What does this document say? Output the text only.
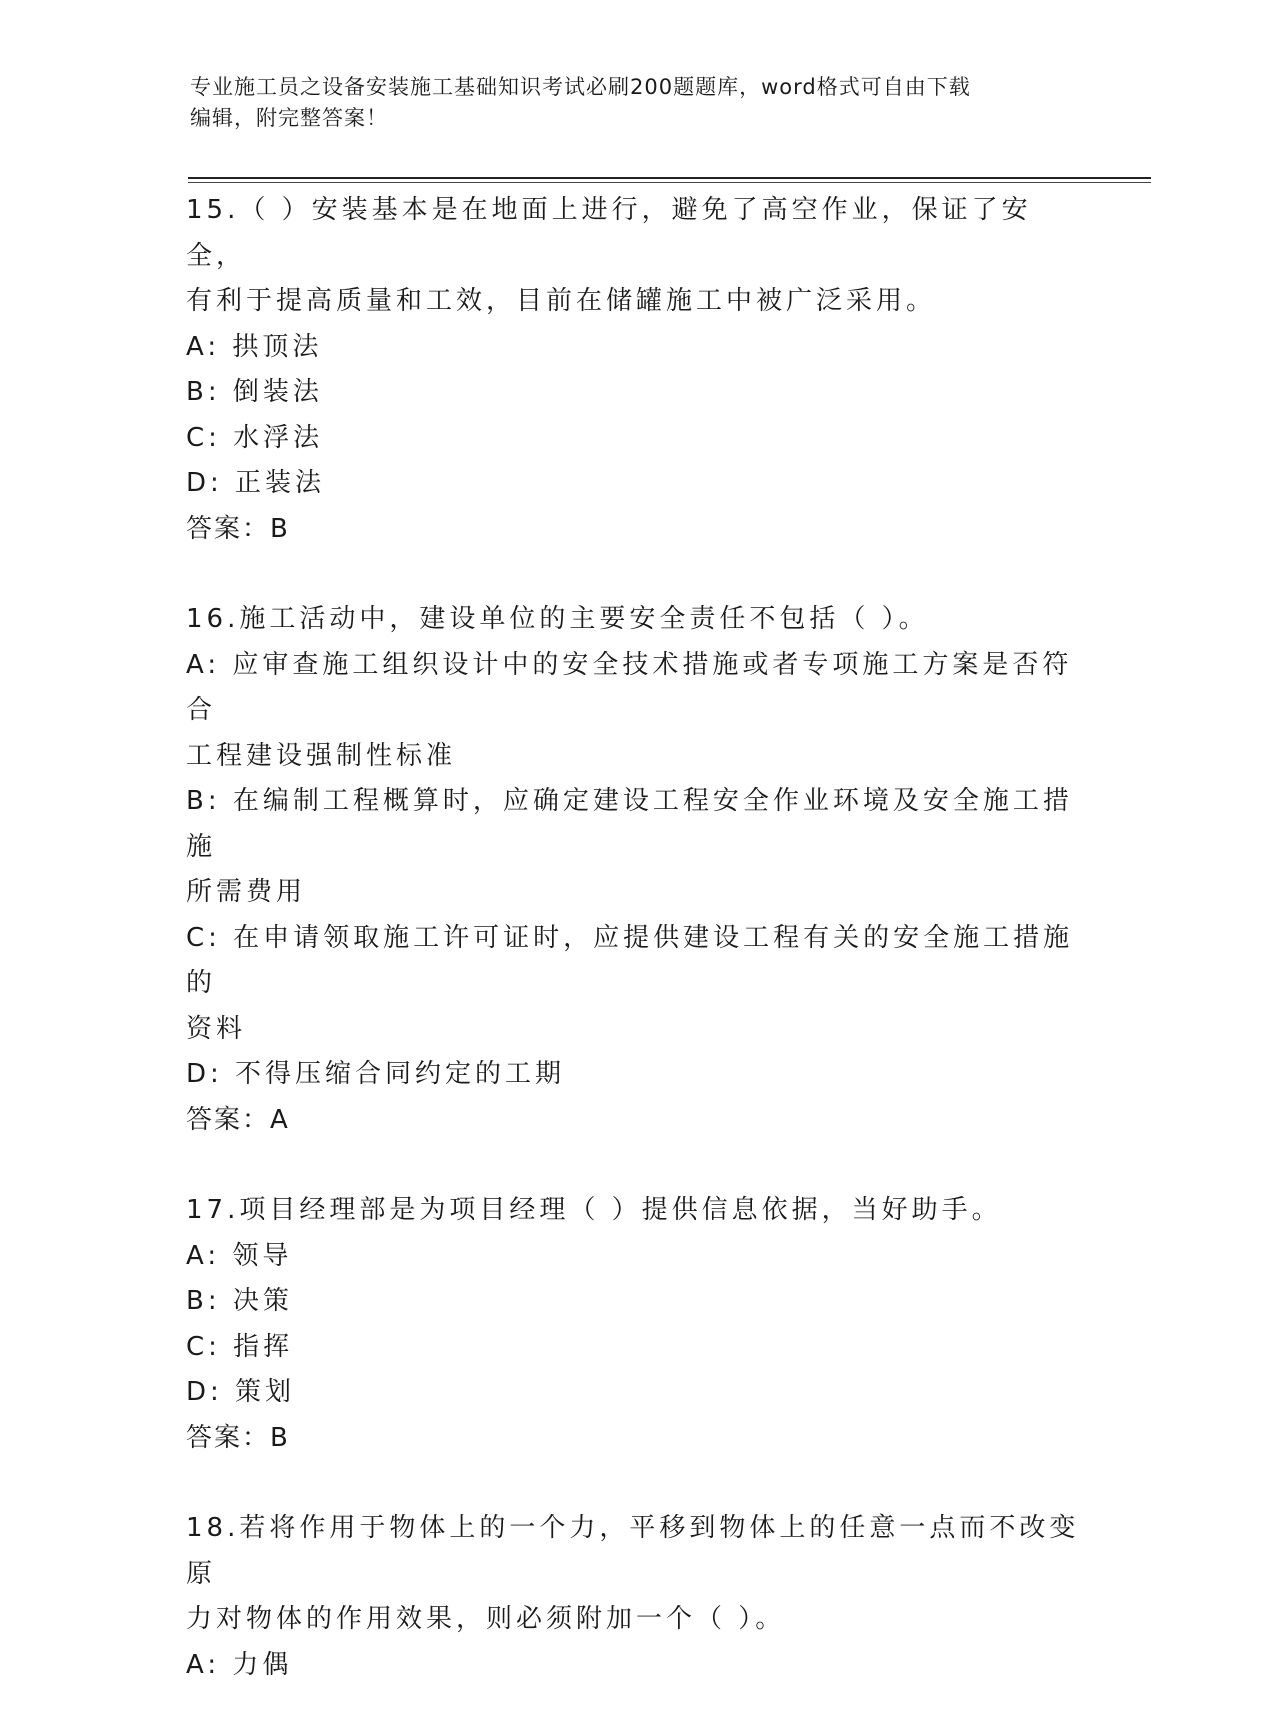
专业施工员之设备安装施工基础知识考试必刷200题题库，word格式可自由下载
编辑，附完整答案！
15.（ ）安装基本是在地面上进行，避免了高空作业，保证了安全，
有利于提高质量和工效，目前在储罐施工中被广泛采用。
A: 拱顶法
B: 倒装法
C: 水浮法
D: 正装法
答案：B
16.施工活动中，建设单位的主要安全责任不包括（ ）。
A: 应审查施工组织设计中的安全技术措施或者专项施工方案是否符合
工程建设强制性标准
B: 在编制工程概算时，应确定建设工程安全作业环境及安全施工措施
所需费用
C: 在申请领取施工许可证时，应提供建设工程有关的安全施工措施的
资料
D: 不得压缩合同约定的工期
答案：A
17.项目经理部是为项目经理（ ）提供信息依据，当好助手。
A: 领导
B: 决策
C: 指挥
D: 策划
答案：B
18.若将作用于物体上的一个力，平移到物体上的任意一点而不改变原
力对物体的作用效果，则必须附加一个（ ）。
A: 力偶
